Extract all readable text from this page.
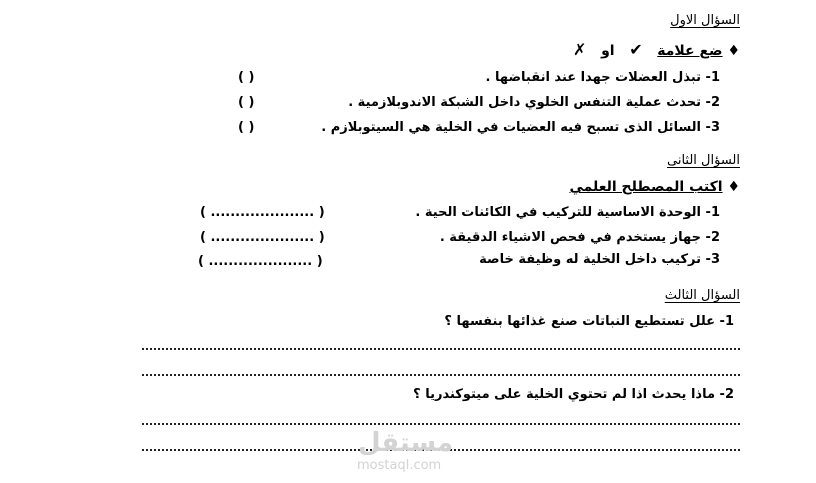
السؤال الاول
♦ ضع علامة   ✔   او   ✗
1- تبذل العضلات جهدا عند انقباضها .
( )
2- تحدث عملية التنفس الخلوي داخل الشبكة الاندوبلازمية .
( )
3- السائل الذى تسبح فيه العضيات في الخلية هي السيتوبلازم .
( )
السؤال الثانى
♦ اكتب المصطلح العلمي
1- الوحدة الاساسية للتركيب في الكائنات الحية .
( ..................... )
2- جهاز يستخدم في فحص الاشياء الدقيقة .
( ..................... )
3- تركيب داخل الخلية له وظيفة خاصة
( ..................... )
السؤال الثالث
1- علل تستطيع النباتات صنع غذائها بنفسها ؟
2- ماذا يحدث اذا لم تحتوي الخلية على ميتوكندريا ؟
مستقل
mostaql.com
